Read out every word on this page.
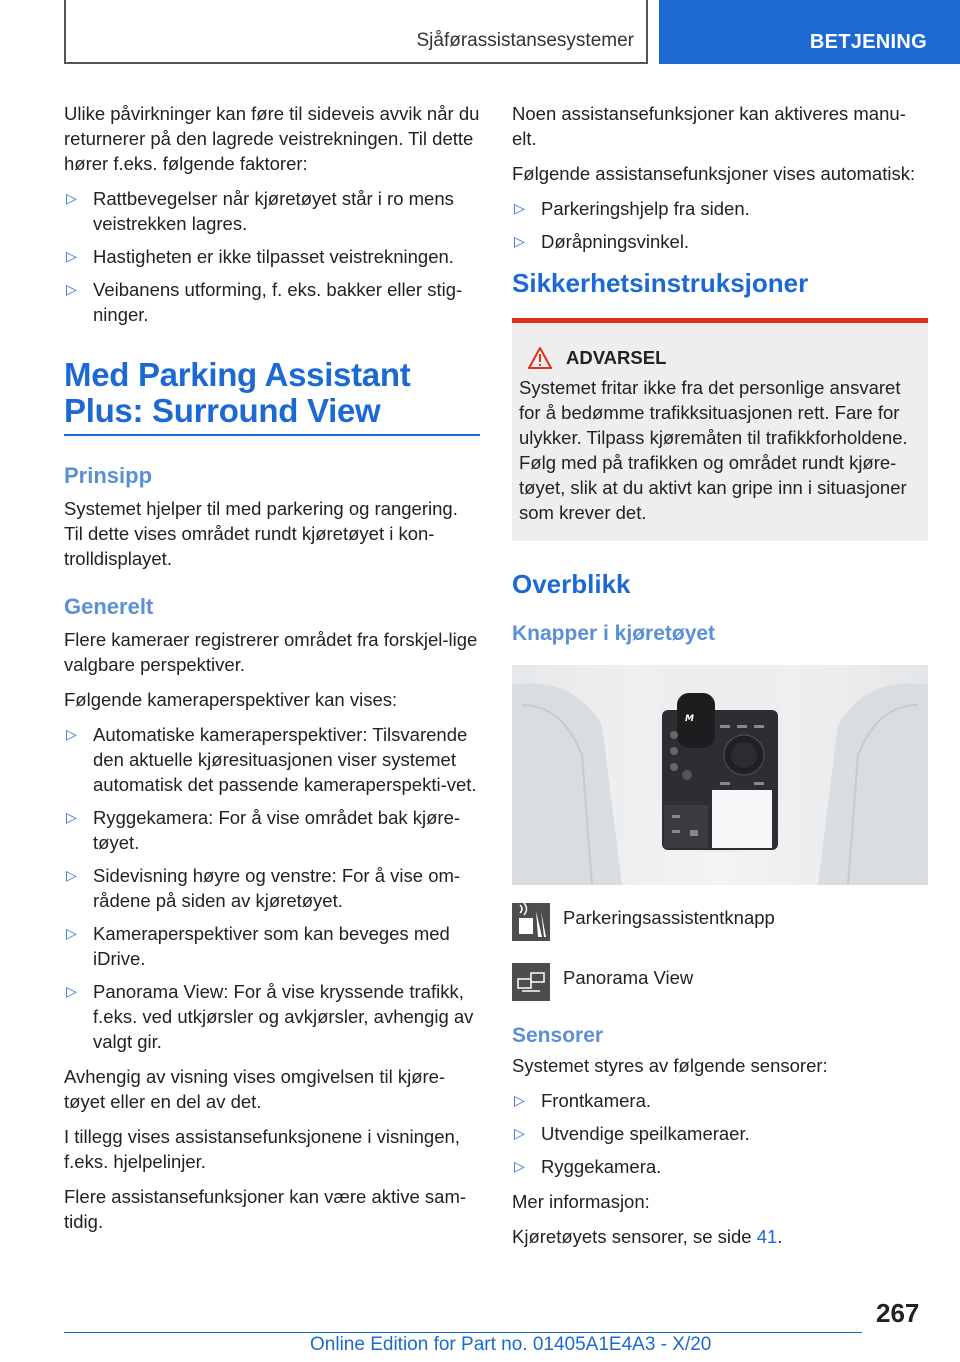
Sjåførassistansesystemer	BETJENING

Ulike påvirkninger kan føre til sideveis avvik når du returnerer på den lagrede veistrekningen. Til dette hører f.eks. følgende faktorer:

▷ Rattbevegelser når kjøretøyet står i ro mens veistrekken lagres.
▷ Hastigheten er ikke tilpasset veistrekningen.
▷ Veibanens utforming, f. eks. bakker eller stig-ninger.
Med Parking Assistant Plus: Surround View
Prinsipp

Systemet hjelper til med parkering og rangering. Til dette vises området rundt kjøretøyet i kon-trolldisplayet.

Generelt

Flere kameraer registrerer området fra forskjel-lige valgbare perspektiver.

Følgende kameraperspektiver kan vises:

▷ Automatiske kameraperspektiver: Tilsvarende den aktuelle kjøresituasjonen viser systemet automatisk det passende kameraperspekti-vet.
▷ Ryggekamera: For å vise området bak kjøre-tøyet.
▷ Sidevisning høyre og venstre: For å vise om-rådene på siden av kjøretøyet.
▷ Kameraperspektiver som kan beveges med iDrive.
▷ Panorama View: For å vise kryssende trafikk, f.eks. ved utkjørsler og avkjørsler, avhengig av valgt gir.

Avhengig av visning vises omgivelsen til kjøre-tøyet eller en del av det.

I tillegg vises assistansefunksjonene i visningen, f.eks. hjelpelinjer.

Flere assistansefunksjoner kan være aktive sam-tidig.

Noen assistansefunksjoner kan aktiveres manu-elt.

Følgende assistansefunksjoner vises automatisk:

▷ Parkeringshjelp fra siden.
▷ Døråpningsvinkel.
Sikkerhetsinstruksjoner
ADVARSEL

Systemet fritar ikke fra det personlige ansvaret for å bedømme trafikksituasjonen rett. Fare for ulykker. Tilpass kjøremåten til trafikkforholdene. Følg med på trafikken og området rundt kjøre-tøyet, slik at du aktivt kan gripe inn i situasjoner som krever det.

Overblikk
Knapper i kjøretøyet
M
Parkeringsassistentknapp
Panorama View
Sensorer

Systemet styres av følgende sensorer:

▷ Frontkamera.
▷ Utvendige speilkameraer.
▷ Ryggekamera.

Mer informasjon:

Kjøretøyets sensorer, se side 41.

267
Online Edition for Part no. 01405A1E4A3 - X/20
